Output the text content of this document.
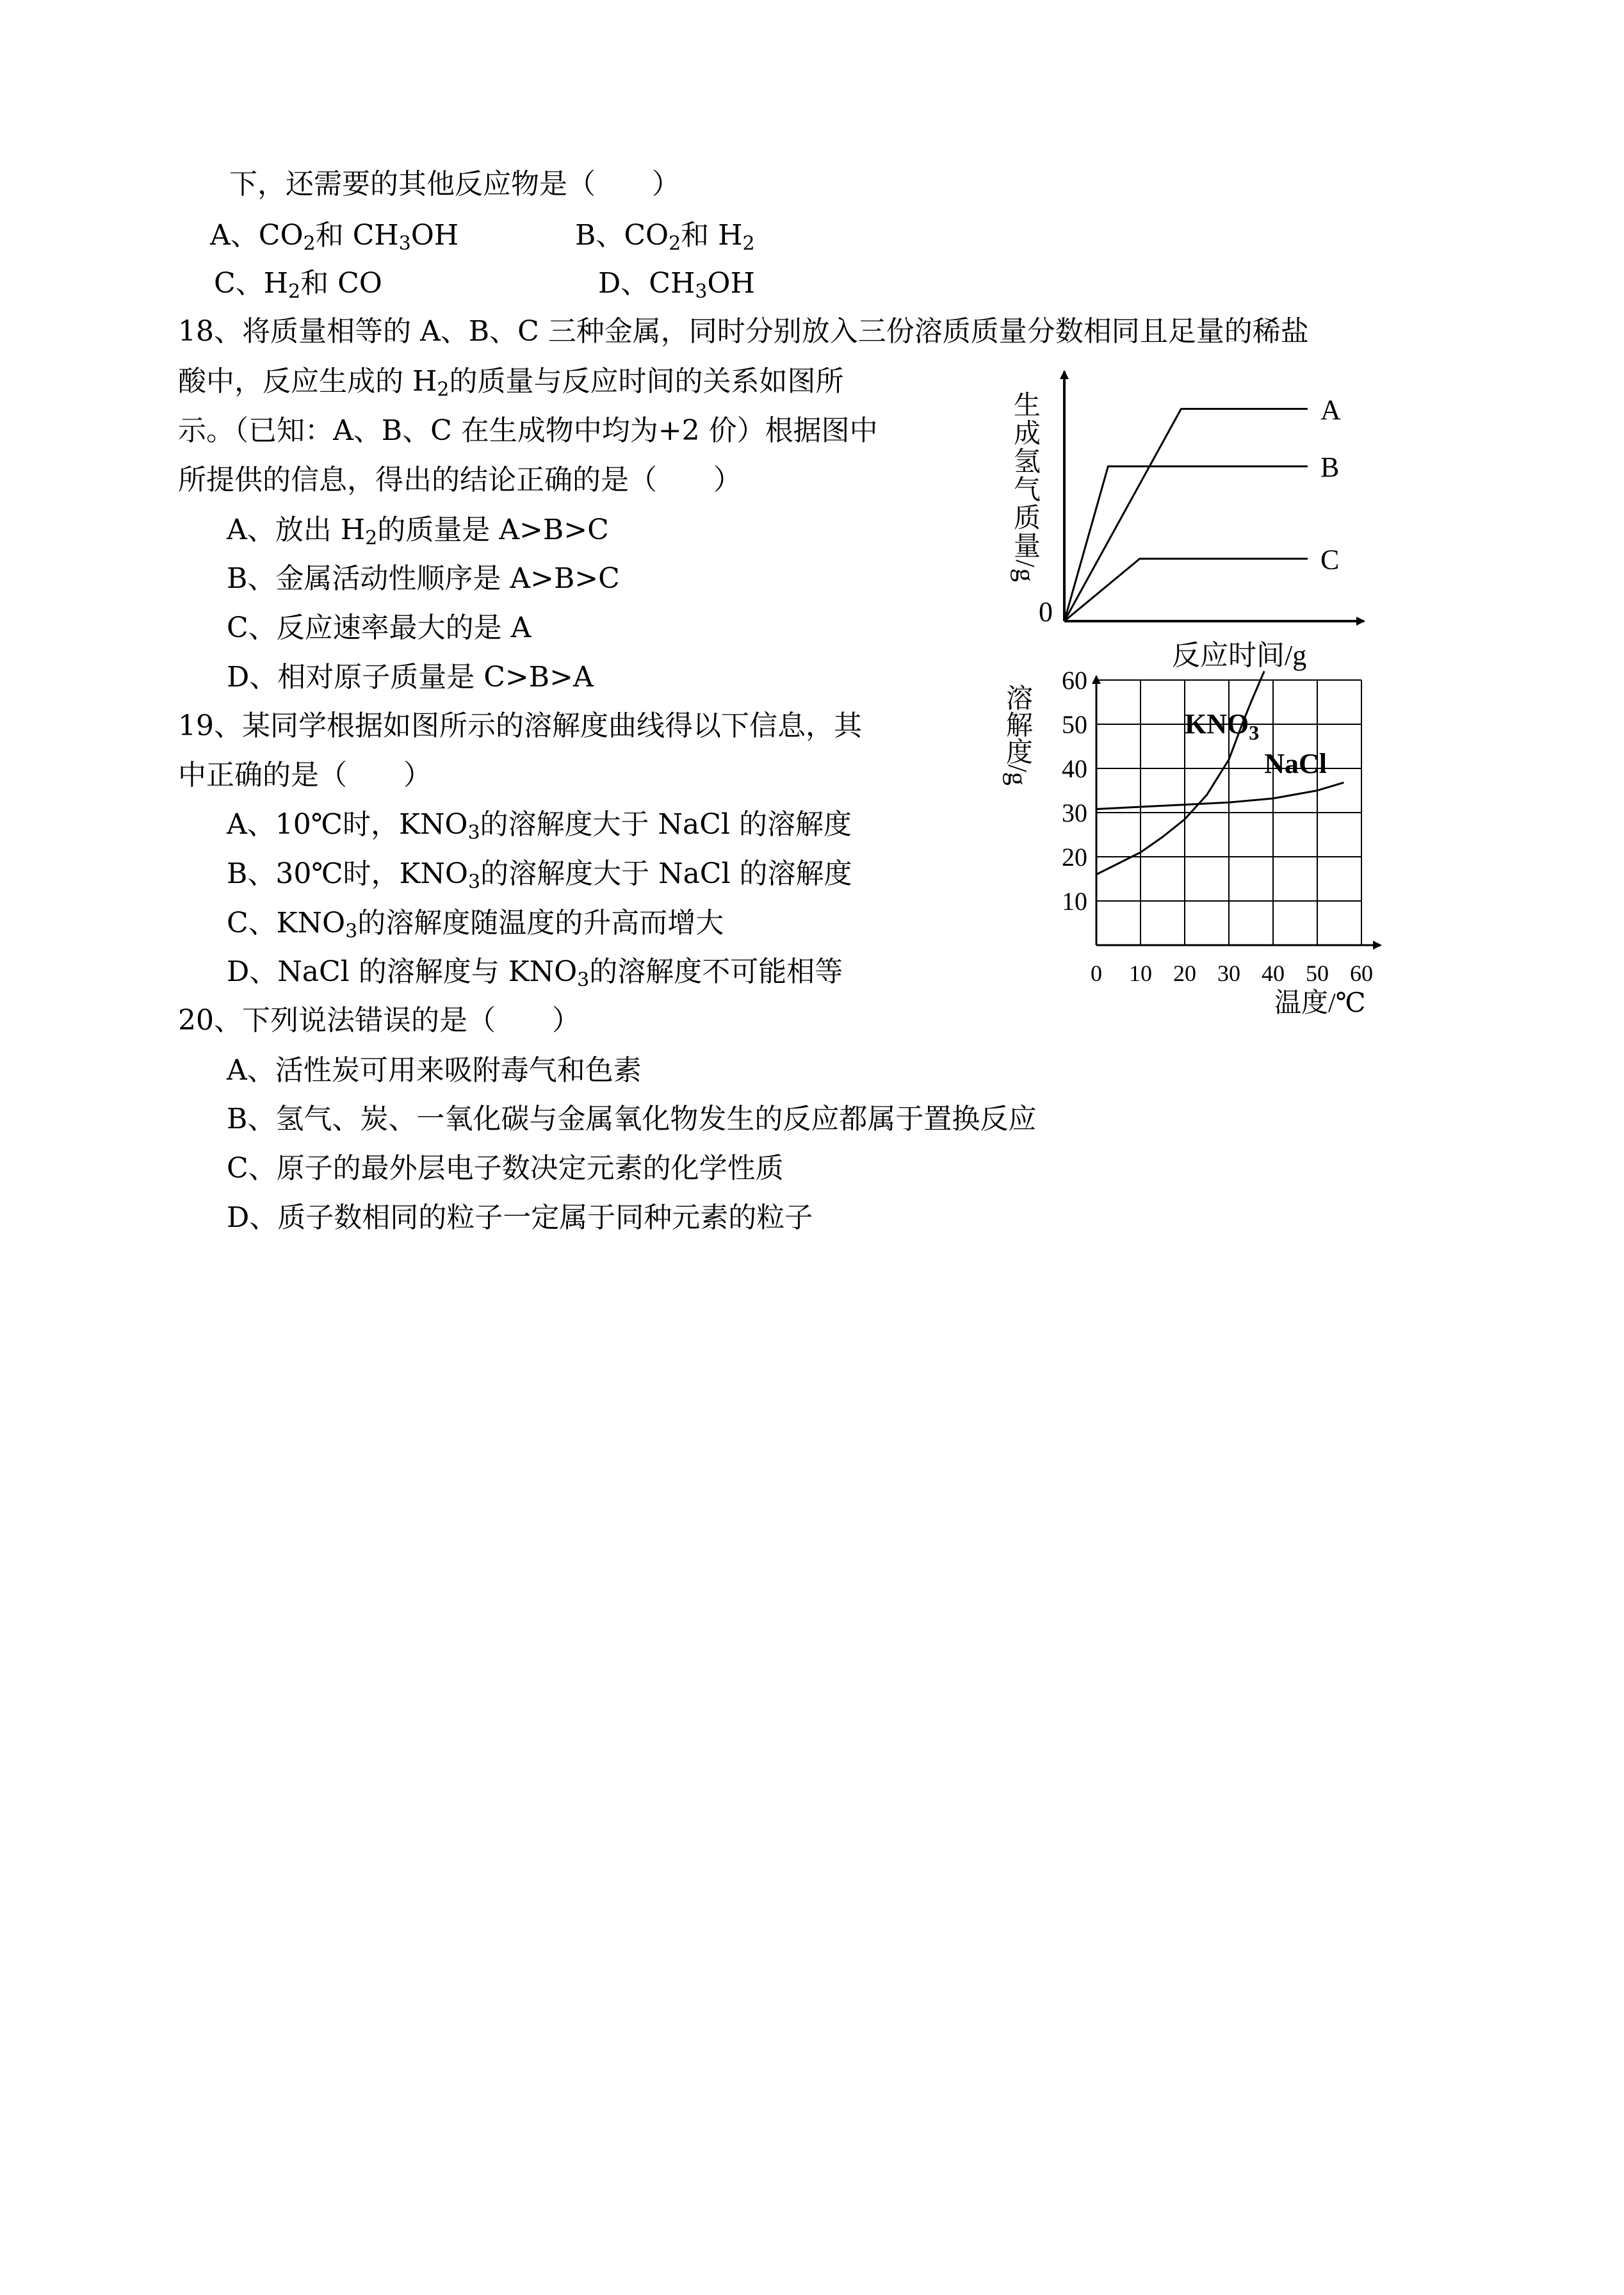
下，还需要的其他反应物是（　　）
A、$CO_2$和 $CH_3OH$	B、$CO_2$和 $H_2$
C、$H_2$和 CO	D、$CH_3OH$
18、将质量相等的 A、B、C 三种金属，同时分别放入三份溶质质量分数相同且足量的稀盐
酸中，反应生成的 $H_2$的质量与反应时间的关系如图所
示。（已知：A、B、C 在生成物中均为+2 价）根据图中
所提供的信息，得出的结论正确的是（　　）
A、放出 $H_2$的质量是 A>B>C
B、金属活动性顺序是 A>B>C
C、反应速率最大的是 A
D、相对原子质量是 C>B>A
19、某同学根据如图所示的溶解度曲线得以下信息，其
中正确的是（　　）
A、10℃时，$KNO_3$的溶解度大于 NaCl 的溶解度
B、30℃时，$KNO_3$的溶解度大于 NaCl 的溶解度
C、$KNO_3$的溶解度随温度的升高而增大
D、NaCl 的溶解度与 $KNO_3$的溶解度不可能相等
20、下列说法错误的是（　　）
A、活性炭可用来吸附毒气和色素
B、氢气、炭、一氧化碳与金属氧化物发生的反应都属于置换反应
C、原子的最外层电子数决定元素的化学性质
D、质子数相同的粒子一定属于同种元素的粒子
生成氢气质量/g
反应时间/g
0
A
B
C
溶解度/g
温度/℃
0 10 20 30 40 50 60
10
20
30
40
50
60
$KNO_3$
NaCl
